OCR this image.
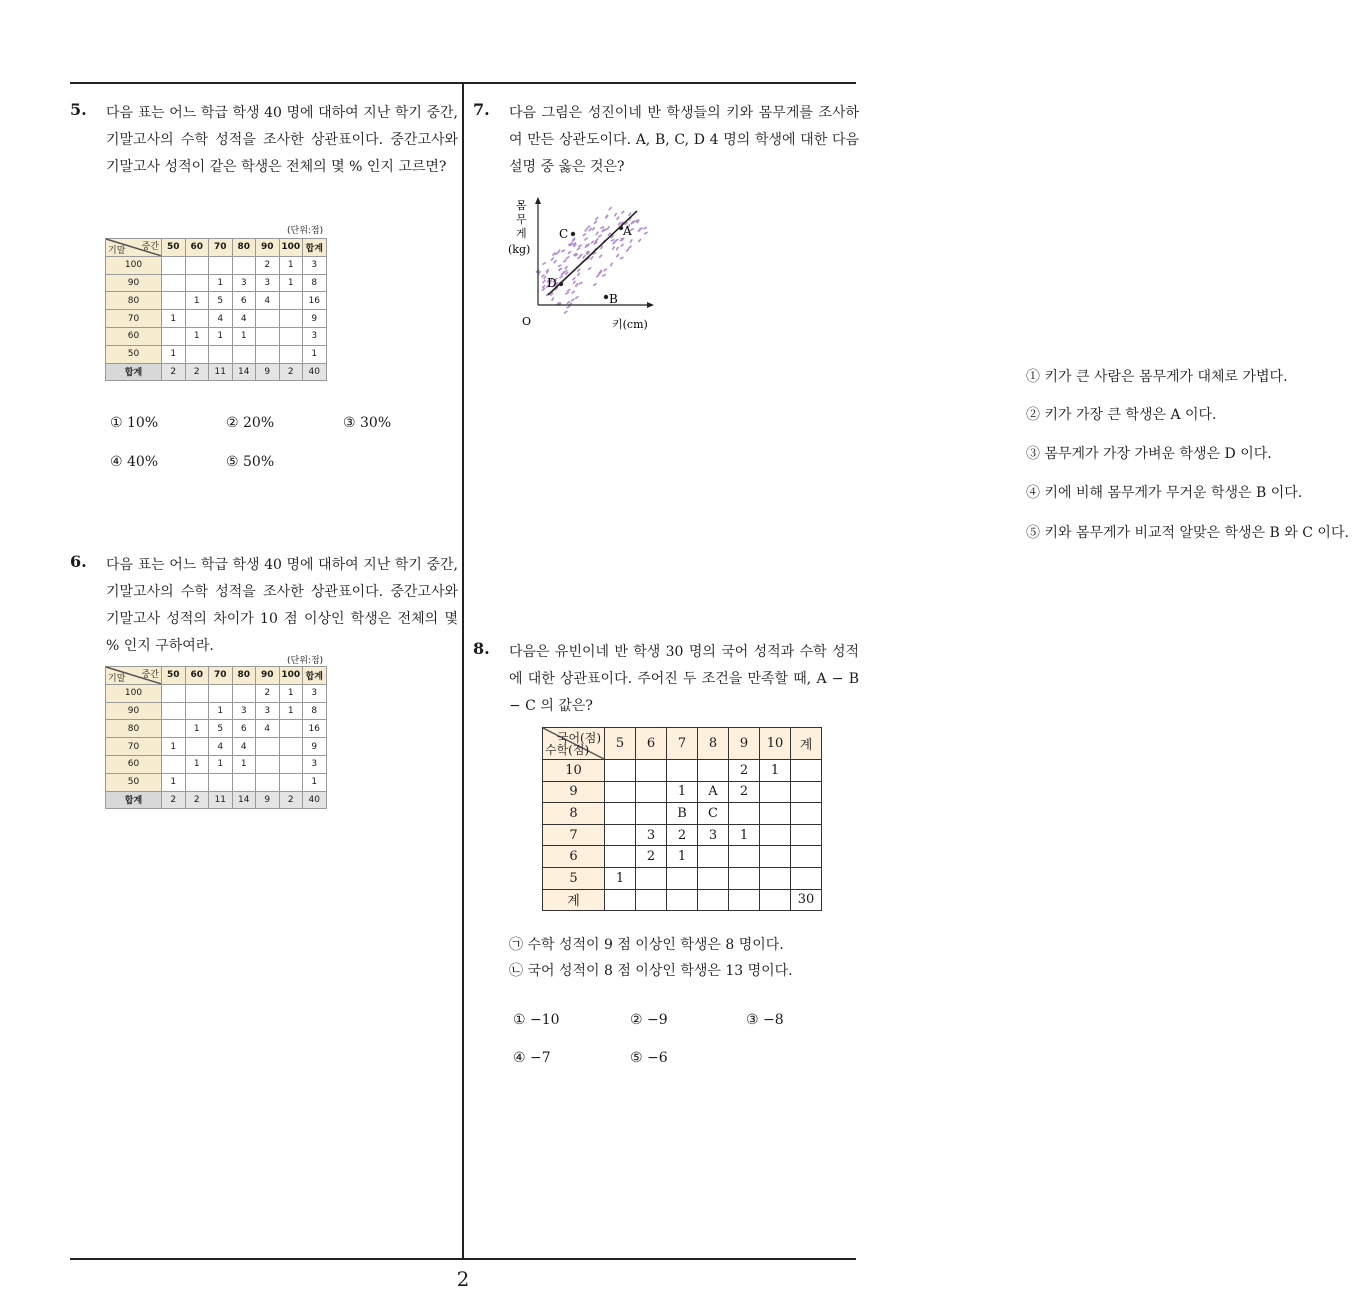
5. 다음 표는 어느 학급 학생 40 명에 대하여 지난 학기 중간, 기말고사의 수학 성적을 조사한 상관표이다. 중간고사와 기말고사 성적이 같은 학생은 전체의 몇 % 인지 고르면?
(단위:점)
중간
기말	50	60	70	80	90	100	합계
100					2	1	3
90			1	3	3	1	8
80		1	5	6	4		16
70	1		4	4			9
60		1	1	1			3
50	1						1
합계	2	2	11	14	9	2	40
① 10%	② 20%	③ 30%
④ 40%	⑤ 50%
6. 다음 표는 어느 학급 학생 40 명에 대하여 지난 학기 중간, 기말고사의 수학 성적을 조사한 상관표이다. 중간고사와 기말고사 성적의 차이가 10 점 이상인 학생은 전체의 몇 % 인지 구하여라.
(단위:점)
중간
기말	50	60	70	80	90	100	합계
100					2	1	3
90			1	3	3	1	8
80		1	5	6	4		16
70	1		4	4			9
60		1	1	1			3
50	1						1
합계	2	2	11	14	9	2	40
7. 다음 그림은 성진이네 반 학생들의 키와 몸무게를 조사하여 만든 상관도이다. A, B, C, D 4 명의 학생에 대한 다음 설명 중 옳은 것은?
A
B
C
D
O	키(cm)
몸
무
게
(kg)
① 키가 큰 사람은 몸무게가 대체로 가볍다.
② 키가 가장 큰 학생은 A 이다.
③ 몸무게가 가장 가벼운 학생은 D 이다.
④ 키에 비해 몸무게가 무거운 학생은 B 이다.
⑤ 키와 몸무게가 비교적 알맞은 학생은 B 와 C 이다.
8. 다음은 유빈이네 반 학생 30 명의 국어 성적과 수학 성적에 대한 상관표이다. 주어진 두 조건을 만족할 때, A − B − C 의 값은?
국어(점)
수학(점)	5	6	7	8	9	10	계
10					2	1	
9			1	A	2		
8			B	C			
7		3	2	3	1		
6		2	1				
5	1						
계							30
㉠ 수학 성적이 9 점 이상인 학생은 8 명이다.
㉡ 국어 성적이 8 점 이상인 학생은 13 명이다.
① −10	② −9	③ −8
④ −7	⑤ −6
2
